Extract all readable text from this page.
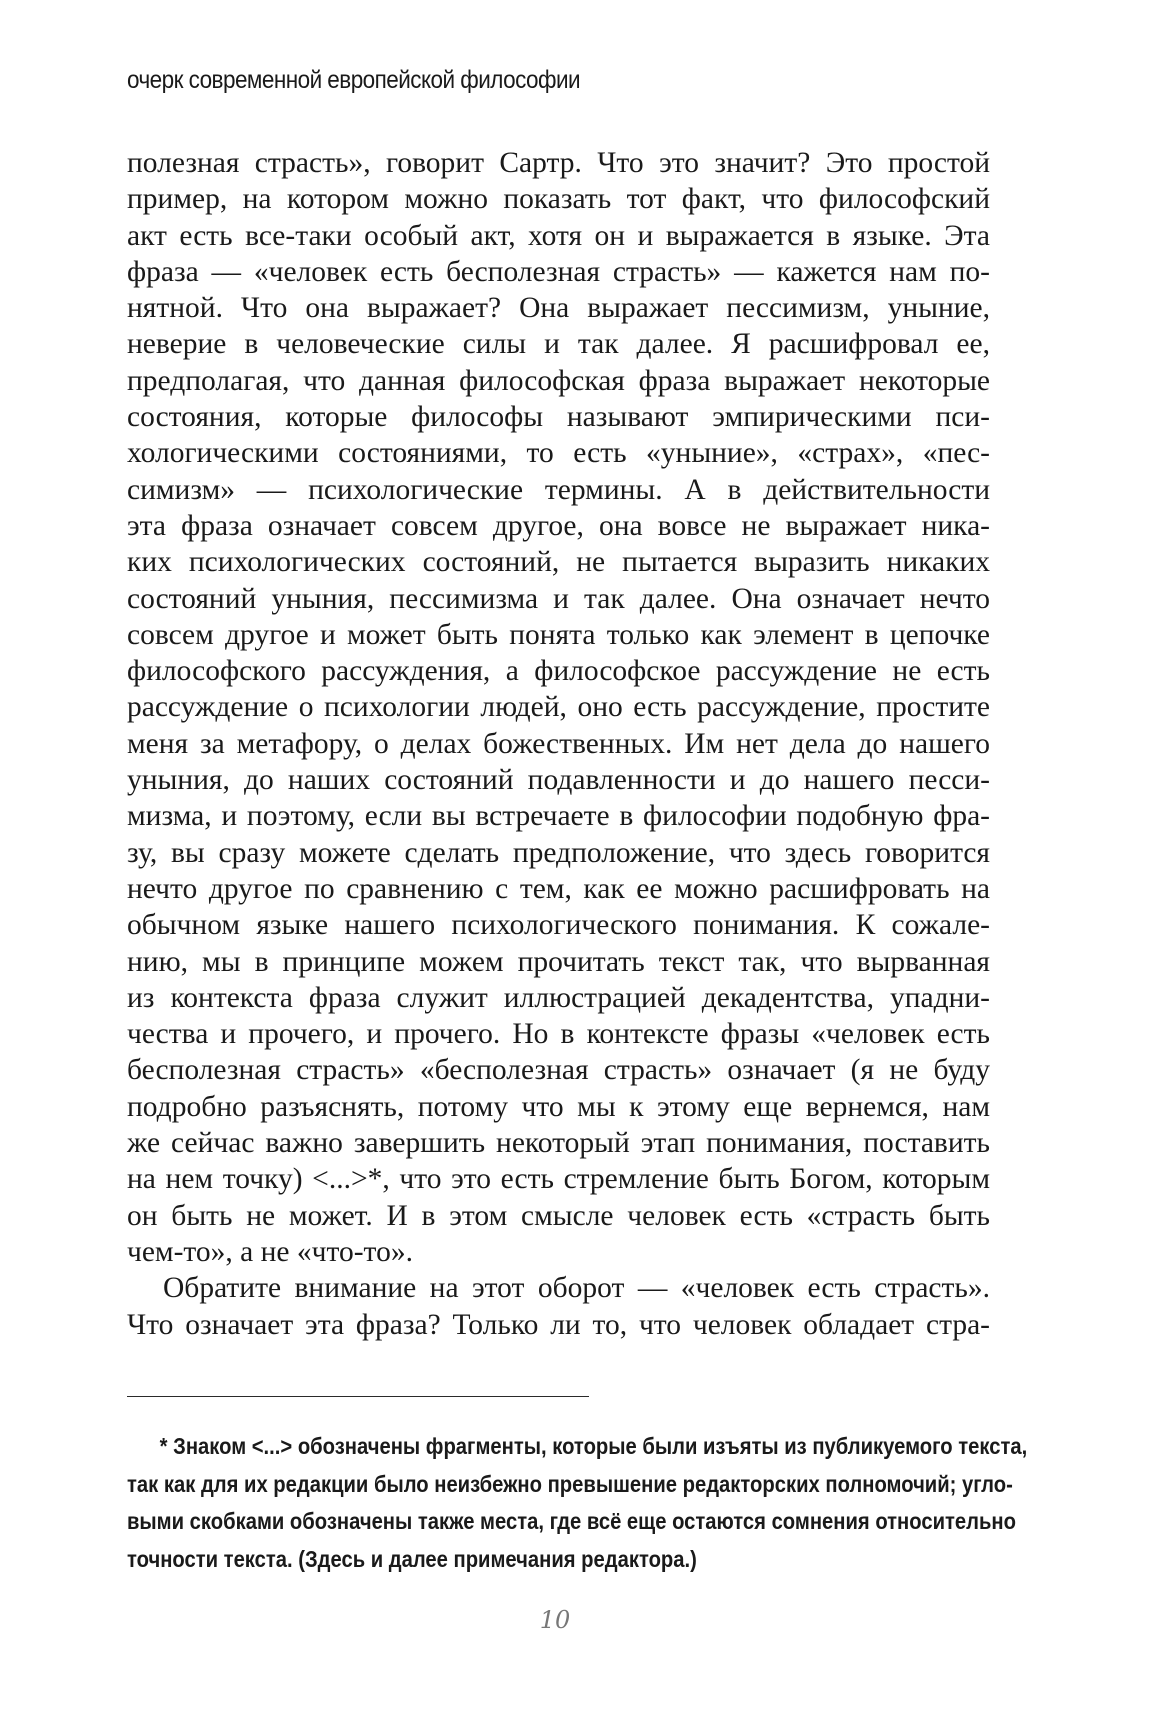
очерк современной европейской философии
полезная страсть», говорит Сартр. Что это значит? Это простой
пример, на котором можно показать тот факт, что философский
акт есть все-таки особый акт, хотя он и выражается в языке. Эта
фраза — «человек есть бесполезная страсть» — кажется нам по-
нятной. Что она выражает? Она выражает пессимизм, уныние,
неверие в человеческие силы и так далее. Я расшифровал ее,
предполагая, что данная философская фраза выражает некоторые
состояния, которые философы называют эмпирическими пси-
хологическими состояниями, то есть «уныние», «страх», «пес-
симизм» — психологические термины. А в действительности
эта фраза означает совсем другое, она вовсе не выражает ника-
ких психологических состояний, не пытается выразить никаких
состояний уныния, пессимизма и так далее. Она означает нечто
совсем другое и может быть понята только как элемент в цепочке
философского рассуждения, а философское рассуждение не есть
рассуждение о психологии людей, оно есть рассуждение, простите
меня за метафору, о делах божественных. Им нет дела до нашего
уныния, до наших состояний подавленности и до нашего песси-
мизма, и поэтому, если вы встречаете в философии подобную фра-
зу, вы сразу можете сделать предположение, что здесь говорится
нечто другое по сравнению с тем, как ее можно расшифровать на
обычном языке нашего психологического понимания. К сожале-
нию, мы в принципе можем прочитать текст так, что вырванная
из контекста фраза служит иллюстрацией декадентства, упадни-
чества и прочего, и прочего. Но в контексте фразы «человек есть
бесполезная страсть» «бесполезная страсть» означает (я не буду
подробно разъяснять, потому что мы к этому еще вернемся, нам
же сейчас важно завершить некоторый этап понимания, поставить
на нем точку) <...>*, что это есть стремление быть Богом, которым
он быть не может. И в этом смысле человек есть «страсть быть
чем-то», а не «что-то».
Обратите внимание на этот оборот — «человек есть страсть».
Что означает эта фраза? Только ли то, что человек обладает стра-
* Знаком <...> обозначены фрагменты, которые были изъяты из публикуемого текста,
так как для их редакции было неизбежно превышение редакторских полномочий; угло-
выми скобками обозначены также места, где всё еще остаются сомнения относительно
точности текста. (Здесь и далее примечания редактора.)
10
